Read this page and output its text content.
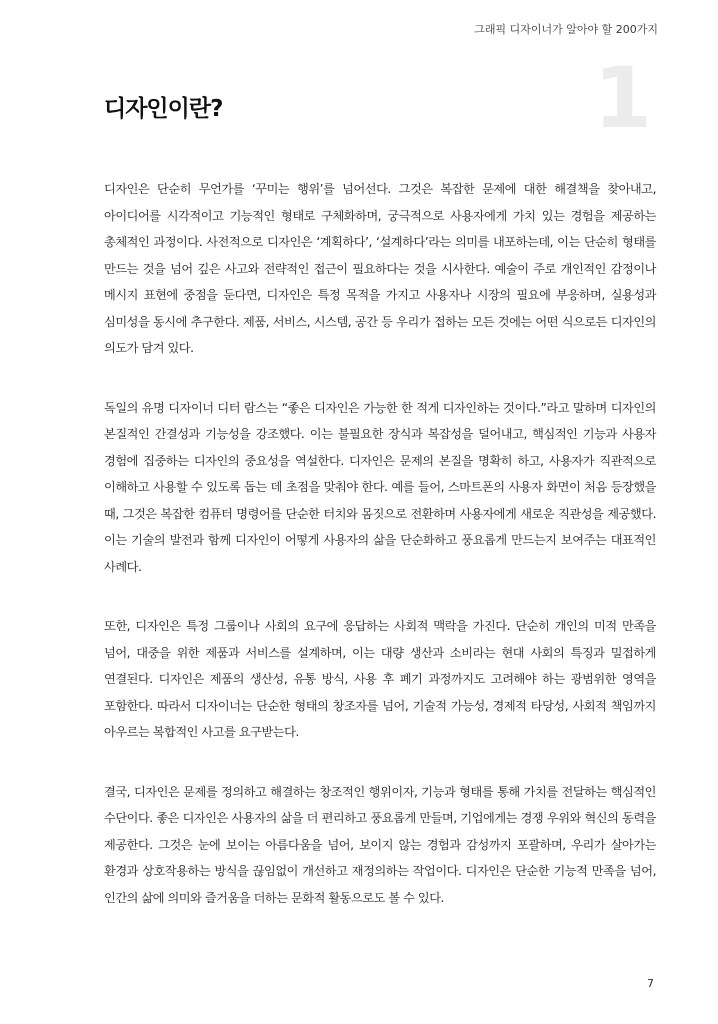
그래픽 디자이너가 알아야 할 200가지
1
디자인이란?

디자인은 단순히 무언가를 ‘꾸미는 행위’를 넘어선다. 그것은 복잡한 문제에 대한 해결책을 찾아내고, 아이디어를 시각적이고 기능적인 형태로 구체화하며, 궁극적으로 사용자에게 가치 있는 경험을 제공하는 총체적인 과정이다. 사전적으로 디자인은 ‘계획하다’, ‘설계하다’라는 의미를 내포하는데, 이는 단순히 형태를 만드는 것을 넘어 깊은 사고와 전략적인 접근이 필요하다는 것을 시사한다. 예술이 주로 개인적인 감정이나 메시지 표현에 중점을 둔다면, 디자인은 특정 목적을 가지고 사용자나 시장의 필요에 부응하며, 실용성과 심미성을 동시에 추구한다. 제품, 서비스, 시스템, 공간 등 우리가 접하는 모든 것에는 어떤 식으로든 디자인의 의도가 담겨 있다.

독일의 유명 디자이너 디터 람스는 “좋은 디자인은 가능한 한 적게 디자인하는 것이다.”라고 말하며 디자인의 본질적인 간결성과 기능성을 강조했다. 이는 불필요한 장식과 복잡성을 덜어내고, 핵심적인 기능과 사용자 경험에 집중하는 디자인의 중요성을 역설한다. 디자인은 문제의 본질을 명확히 하고, 사용자가 직관적으로 이해하고 사용할 수 있도록 돕는 데 초점을 맞춰야 한다. 예를 들어, 스마트폰의 사용자 화면이 처음 등장했을 때, 그것은 복잡한 컴퓨터 명령어를 단순한 터치와 몸짓으로 전환하며 사용자에게 새로운 직관성을 제공했다. 이는 기술의 발전과 함께 디자인이 어떻게 사용자의 삶을 단순화하고 풍요롭게 만드는지 보여주는 대표적인 사례다.

또한, 디자인은 특정 그룹이나 사회의 요구에 응답하는 사회적 맥락을 가진다. 단순히 개인의 미적 만족을 넘어, 대중을 위한 제품과 서비스를 설계하며, 이는 대량 생산과 소비라는 현대 사회의 특징과 밀접하게 연결된다. 디자인은 제품의 생산성, 유통 방식, 사용 후 폐기 과정까지도 고려해야 하는 광범위한 영역을 포함한다. 따라서 디자이너는 단순한 형태의 창조자를 넘어, 기술적 가능성, 경제적 타당성, 사회적 책임까지 아우르는 복합적인 사고를 요구받는다.

결국, 디자인은 문제를 정의하고 해결하는 창조적인 행위이자, 기능과 형태를 통해 가치를 전달하는 핵심적인 수단이다. 좋은 디자인은 사용자의 삶을 더 편리하고 풍요롭게 만들며, 기업에게는 경쟁 우위와 혁신의 동력을 제공한다. 그것은 눈에 보이는 아름다움을 넘어, 보이지 않는 경험과 감성까지 포괄하며, 우리가 살아가는 환경과 상호작용하는 방식을 끊임없이 개선하고 재정의하는 작업이다. 디자인은 단순한 기능적 만족을 넘어, 인간의 삶에 의미와 즐거움을 더하는 문화적 활동으로도 볼 수 있다.

7
